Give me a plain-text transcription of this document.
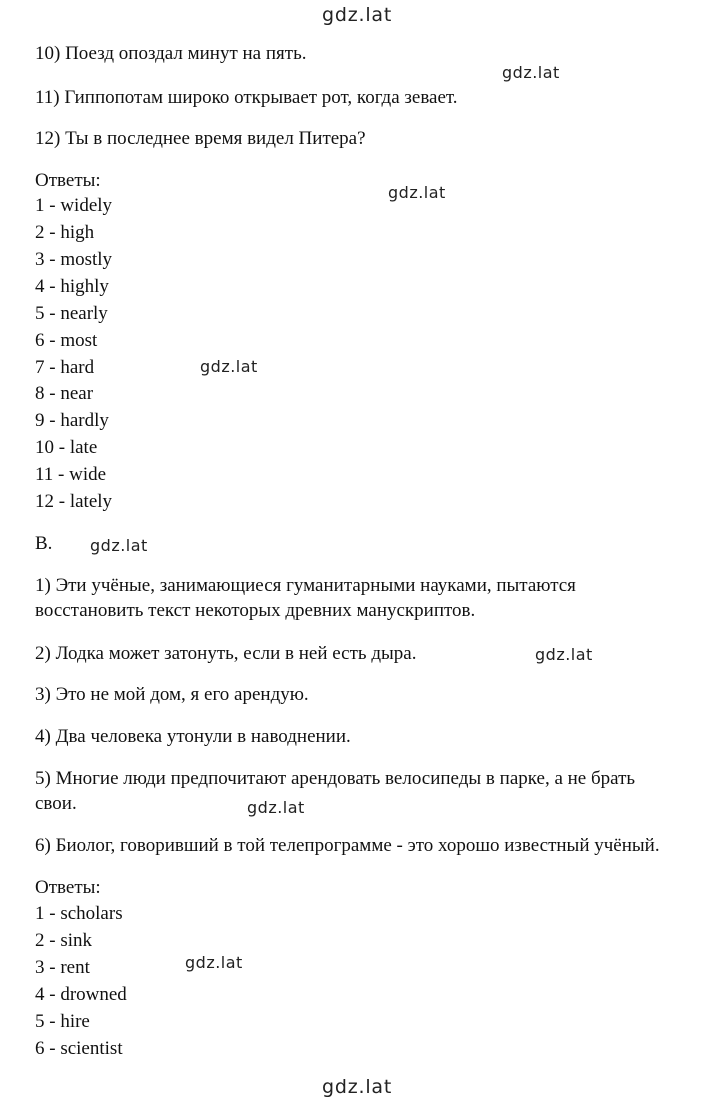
gdz.lat
gdz.lat
gdz.lat
gdz.lat
gdz.lat
gdz.lat
gdz.lat
gdz.lat
gdz.lat
10) Поезд опоздал минут на пять.
11) Гиппопотам широко открывает рот, когда зевает.
12) Ты в последнее время видел Питера?
Ответы:
1 - widely
2 - high
3 - mostly
4 - highly
5 - nearly
6 - most
7 - hard
8 - near
9 - hardly
10 - late
11 - wide
12 - lately
B.
1) Эти учёные, занимающиеся гуманитарными науками, пытаются
восстановить текст некоторых древних манускриптов.
2) Лодка может затонуть, если в ней есть дыра.
3) Это не мой дом, я его арендую.
4) Два человека утонули в наводнении.
5) Многие люди предпочитают арендовать велосипеды в парке, а не брать
свои.
6) Биолог, говоривший в той телепрограмме - это хорошо известный учёный.
Ответы:
1 - scholars
2 - sink
3 - rent
4 - drowned
5 - hire
6 - scientist
